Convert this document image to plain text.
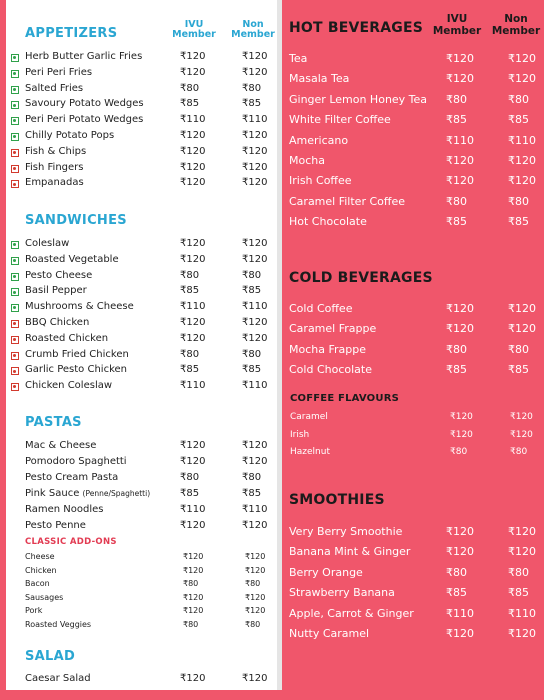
IVU
Member
Non
Member
APPETIZERS
Herb Butter Garlic Fries	₹120	₹120
Peri Peri Fries	₹120	₹120
Salted Fries	₹80	₹80
Savoury Potato Wedges	₹85	₹85
Peri Peri Potato Wedges	₹110	₹110
Chilly Potato Pops	₹120	₹120
Fish & Chips	₹120	₹120
Fish Fingers	₹120	₹120
Empanadas	₹120	₹120
SANDWICHES
Coleslaw	₹120	₹120
Roasted Vegetable	₹120	₹120
Pesto Cheese	₹80	₹80
Basil Pepper	₹85	₹85
Mushrooms & Cheese	₹110	₹110
BBQ Chicken	₹120	₹120
Roasted Chicken	₹120	₹120
Crumb Fried Chicken	₹80	₹80
Garlic Pesto Chicken	₹85	₹85
Chicken Coleslaw	₹110	₹110
PASTAS
Mac & Cheese	₹120	₹120
Pomodoro Spaghetti	₹120	₹120
Pesto Cream Pasta	₹80	₹80
Pink Sauce (Penne/Spaghetti)	₹85	₹85
Ramen Noodles	₹110	₹110
Pesto Penne	₹120	₹120
CLASSIC ADD-ONS
Cheese	₹120	₹120
Chicken	₹120	₹120
Bacon	₹80	₹80
Sausages	₹120	₹120
Pork	₹120	₹120
Roasted Veggies	₹80	₹80
SALAD
Caesar Salad	₹120	₹120
IVU
Member
Non
Member
HOT BEVERAGES
Tea	₹120	₹120
Masala Tea	₹120	₹120
Ginger Lemon Honey Tea ₹80	₹80
White Filter Coffee	₹85	₹85
Americano	₹110	₹110
Mocha	₹120	₹120
Irish Coffee	₹120	₹120
Caramel Filter Coffee	₹80	₹80
Hot Chocolate	₹85	₹85
COLD BEVERAGES
Cold Coffee	₹120	₹120
Caramel Frappe	₹120	₹120
Mocha Frappe	₹80	₹80
Cold Chocolate	₹85	₹85
COFFEE FLAVOURS
Caramel	₹120	₹120
Irish	₹120	₹120
Hazelnut	₹80	₹80
SMOOTHIES
Very Berry Smoothie	₹120	₹120
Banana Mint & Ginger	₹120	₹120
Berry Orange	₹80	₹80
Strawberry Banana	₹85	₹85
Apple, Carrot & Ginger	₹110	₹110
Nutty Caramel	₹120	₹120
